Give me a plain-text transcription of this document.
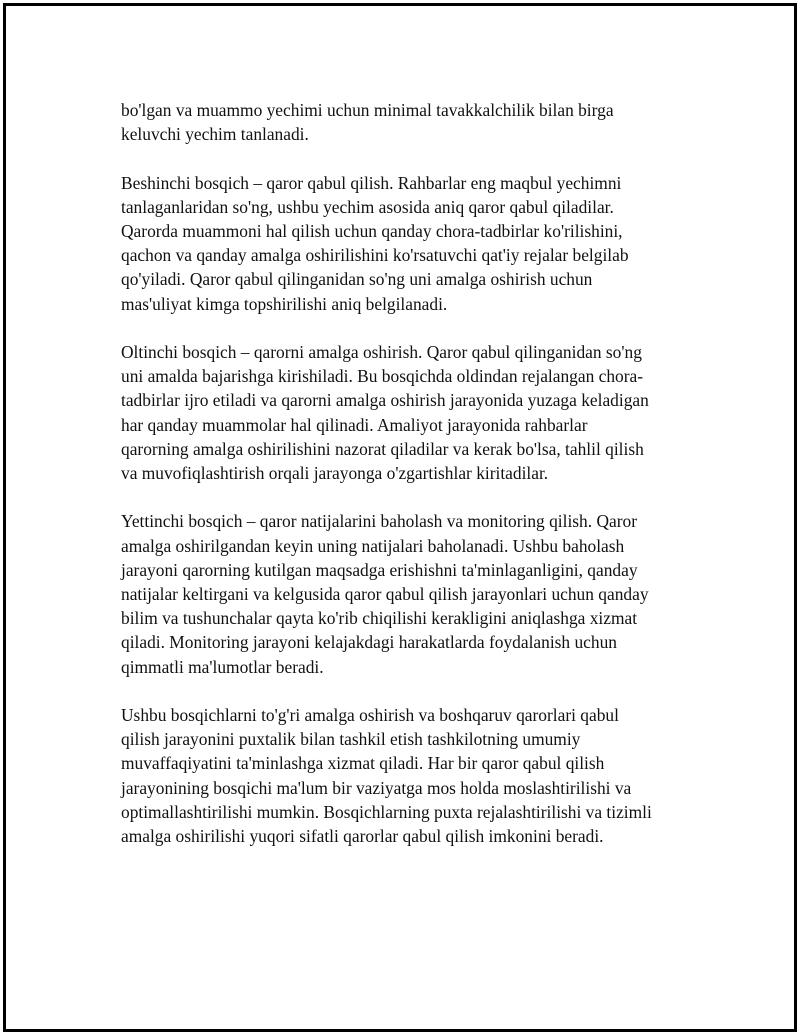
bo'lgan va muammo yechimi uchun minimal tavakkalchilik bilan birga
keluvchi yechim tanlanadi.

Beshinchi bosqich – qaror qabul qilish. Rahbarlar eng maqbul yechimni
tanlaganlaridan so'ng, ushbu yechim asosida aniq qaror qabul qiladilar.
Qarorda muammoni hal qilish uchun qanday chora-tadbirlar ko'rilishini,
qachon va qanday amalga oshirilishini ko'rsatuvchi qat'iy rejalar belgilab
qo'yiladi. Qaror qabul qilinganidan so'ng uni amalga oshirish uchun
mas'uliyat kimga topshirilishi aniq belgilanadi.

Oltinchi bosqich – qarorni amalga oshirish. Qaror qabul qilinganidan so'ng
uni amalda bajarishga kirishiladi. Bu bosqichda oldindan rejalangan chora-
tadbirlar ijro etiladi va qarorni amalga oshirish jarayonida yuzaga keladigan
har qanday muammolar hal qilinadi. Amaliyot jarayonida rahbarlar
qarorning amalga oshirilishini nazorat qiladilar va kerak bo'lsa, tahlil qilish
va muvofiqlashtirish orqali jarayonga o'zgartishlar kiritadilar.

Yettinchi bosqich – qaror natijalarini baholash va monitoring qilish. Qaror
amalga oshirilgandan keyin uning natijalari baholanadi. Ushbu baholash
jarayoni qarorning kutilgan maqsadga erishishni ta'minlaganligini, qanday
natijalar keltirgani va kelgusida qaror qabul qilish jarayonlari uchun qanday
bilim va tushunchalar qayta ko'rib chiqilishi kerakligini aniqlashga xizmat
qiladi. Monitoring jarayoni kelajakdagi harakatlarda foydalanish uchun
qimmatli ma'lumotlar beradi.

Ushbu bosqichlarni to'g'ri amalga oshirish va boshqaruv qarorlari qabul
qilish jarayonini puxtalik bilan tashkil etish tashkilotning umumiy
muvaffaqiyatini ta'minlashga xizmat qiladi. Har bir qaror qabul qilish
jarayonining bosqichi ma'lum bir vaziyatga mos holda moslashtirilishi va
optimallashtirilishi mumkin. Bosqichlarning puxta rejalashtirilishi va tizimli
amalga oshirilishi yuqori sifatli qarorlar qabul qilish imkonini beradi.
